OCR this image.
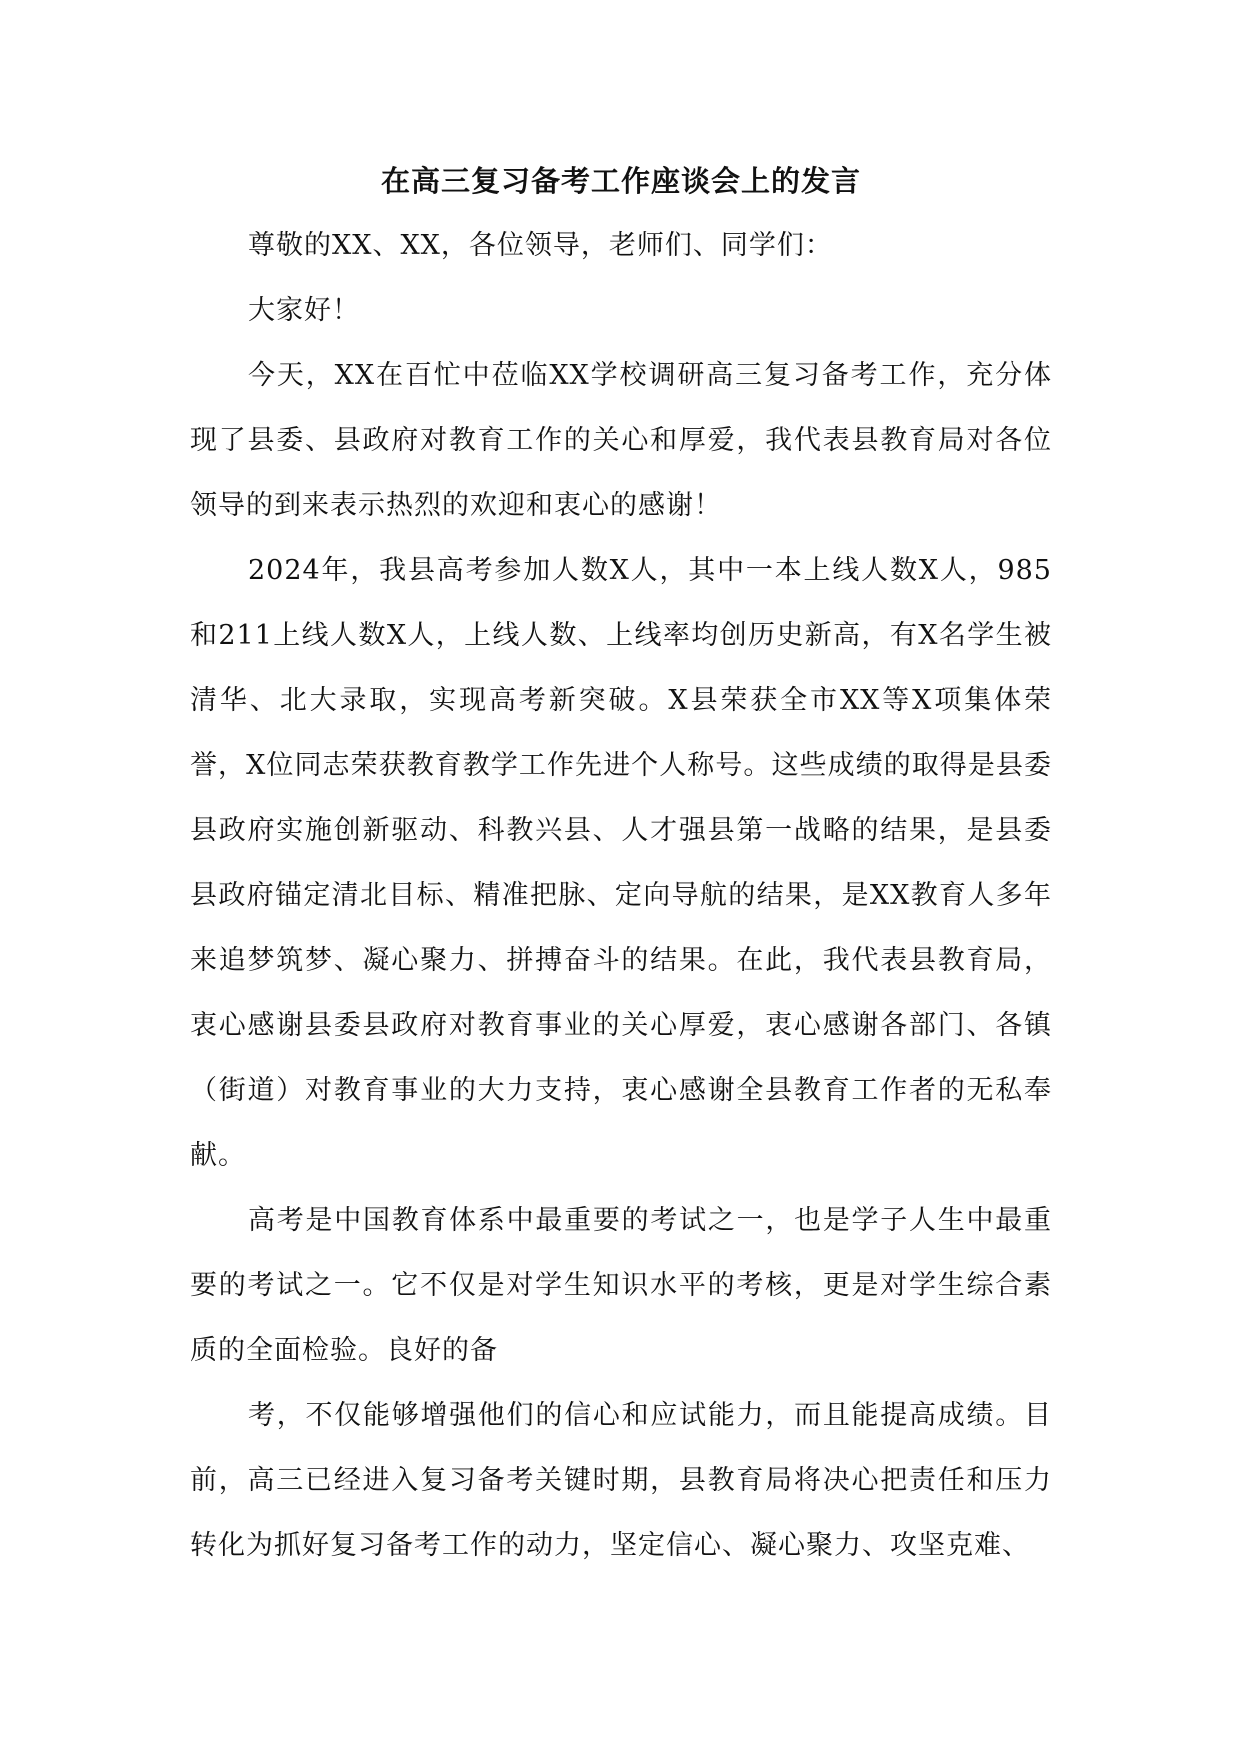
在高三复习备考工作座谈会上的发言

尊敬的XX、XX，各位领导，老师们、同学们：

大家好！

今天，XX在百忙中莅临XX学校调研高三复习备考工作，充分体现了县委、县政府对教育工作的关心和厚爱，我代表县教育局对各位领导的到来表示热烈的欢迎和衷心的感谢！

2024年，我县高考参加人数X人，其中一本上线人数X人，985和211上线人数X人，上线人数、上线率均创历史新高，有X名学生被清华、北大录取，实现高考新突破。X县荣获全市XX等X项集体荣誉，X位同志荣获教育教学工作先进个人称号。这些成绩的取得是县委县政府实施创新驱动、科教兴县、人才强县第一战略的结果，是县委县政府锚定清北目标、精准把脉、定向导航的结果，是XX教育人多年来追梦筑梦、凝心聚力、拼搏奋斗的结果。在此，我代表县教育局，衷心感谢县委县政府对教育事业的关心厚爱，衷心感谢各部门、各镇（街道）对教育事业的大力支持，衷心感谢全县教育工作者的无私奉献。

高考是中国教育体系中最重要的考试之一，也是学子人生中最重要的考试之一。它不仅是对学生知识水平的考核，更是对学生综合素质的全面检验。良好的备

考，不仅能够增强他们的信心和应试能力，而且能提高成绩。目前，高三已经进入复习备考关键时期，县教育局将决心把责任和压力转化为抓好复习备考工作的动力，坚定信心、凝心聚力、攻坚克难、
